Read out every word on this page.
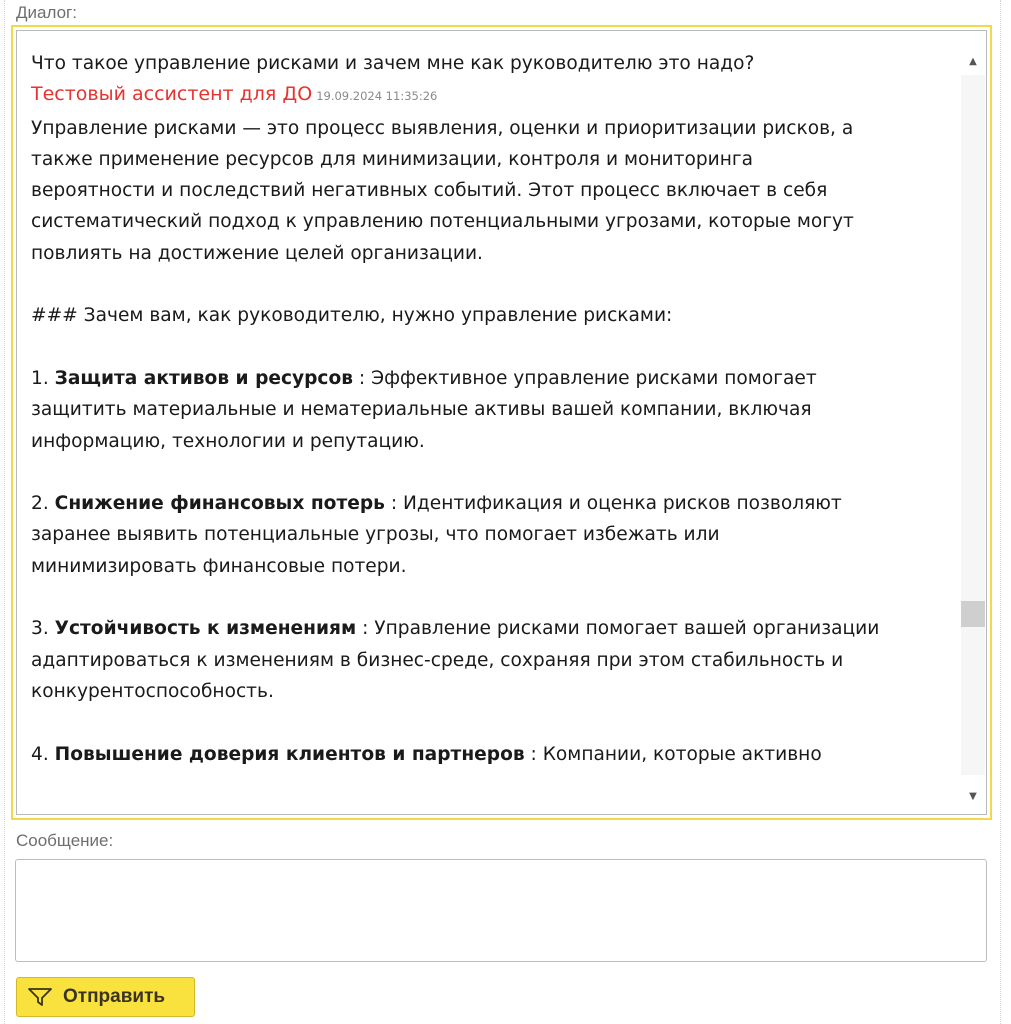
Диалог:

Что такое управление рисками и зачем мне как руководителю это надо?

Тестовый ассистент для ДО 19.09.2024 11:35:26

Управление рисками — это процесс выявления, оценки и приоритизации рисков, а

также применение ресурсов для минимизации, контроля и мониторинга

вероятности и последствий негативных событий. Этот процесс включает в себя

систематический подход к управлению потенциальными угрозами, которые могут

повлиять на достижение целей организации.

### Зачем вам, как руководителю, нужно управление рисками:

1. Защита активов и ресурсов : Эффективное управление рисками помогает

защитить материальные и нематериальные активы вашей компании, включая

информацию, технологии и репутацию.

2. Снижение финансовых потерь : Идентификация и оценка рисков позволяют

заранее выявить потенциальные угрозы, что помогает избежать или

минимизировать финансовые потери.

3. Устойчивость к изменениям : Управление рисками помогает вашей организации

адаптироваться к изменениям в бизнес-среде, сохраняя при этом стабильность и

конкурентоспособность.

4. Повышение доверия клиентов и партнеров : Компании, которые активно

▲
▼
Сообщение:
Отправить
